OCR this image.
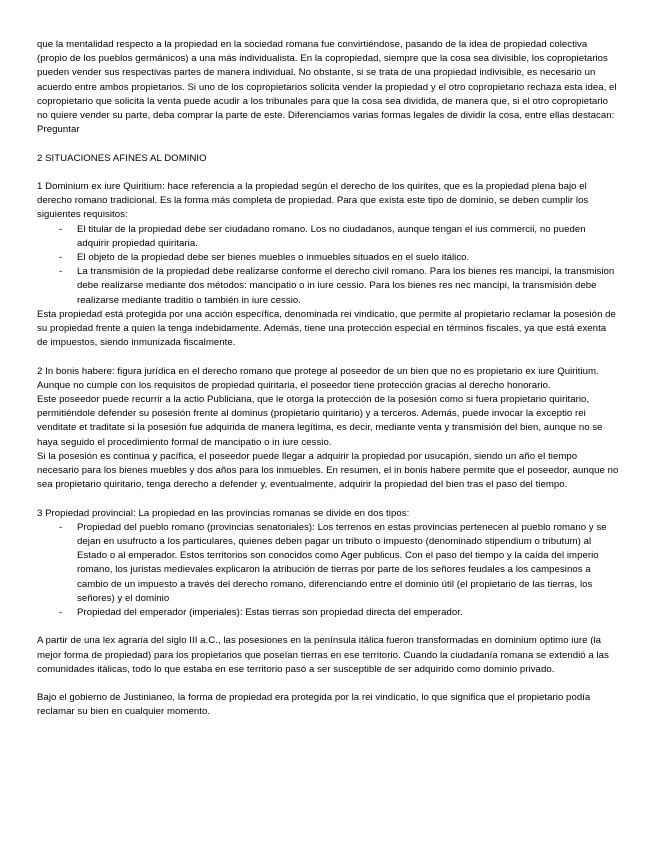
que la mentalidad respecto a la propiedad en la sociedad romana fue convirtiéndose, pasando de la idea de propiedad colectiva (propio de los pueblos germánicos) a una más individualista. En la copropiedad, siempre que la cosa sea divisible, los copropietarios pueden vender sus respectivas partes de manera individual. No obstante, si se trata de una propiedad indivisible, es necesario un acuerdo entre ambos propietarios. Si uno de los copropietarios solicita vender la propiedad y el otro copropietario rechaza esta idea, el copropietario que solicita la venta puede acudir a los tribunales para que la cosa sea dividida, de manera que, si el otro copropietario no quiere vender su parte, deba comprar la parte de este. Diferenciamos varias formas legales de dividir la cosa, entre ellas destacan:

Preguntar

2 SITUACIONES AFINES AL DOMINIO

1 Dominium ex iure Quiritium: hace referencia a la propiedad según el derecho de los quirites, que es la propiedad plena bajo el derecho romano tradicional. Es la forma más completa de propiedad. Para que exista este tipo de dominio, se deben cumplir los siguientes requisitos:

- El titular de la propiedad debe ser ciudadano romano. Los no ciudadanos, aunque tengan el ius commercii, no pueden adquirir propiedad quiritaria.
- El objeto de la propiedad debe ser bienes muebles o inmuebles situados en el suelo itálico.
- La transmisión de la propiedad debe realizarse conforme el derecho civil romano. Para los bienes res mancipi, la transmision debe realizarse mediante dos métodos: mancipatio o in iure cessio. Para los bienes res nec mancipi, la transmisión debe realizarse mediante traditio o también in iure cessio.

Esta propiedad está protegida por una acción específica, denominada rei vindicatio, que permite al propietario reclamar la posesión de su propiedad frente a quien la tenga indebidamente. Además, tiene una protección especial en términos fiscales, ya que está exenta de impuestos, siendo inmunizada fiscalmente.

2 In bonis habere: figura jurídica en el derecho romano que protege al poseedor de un bien que no es propietario ex iure Quiritium. Aunque no cumple con los requisitos de propiedad quiritaria, el poseedor tiene protección gracias al derecho honorario.

Este poseedor puede recurrir a la actio Publiciana, que le otorga la protección de la posesión como si fuera propietario quiritario, permitiéndole defender su posesión frente al dominus (propietario quiritario) y a terceros. Además, puede invocar la exceptio rei venditate et traditate si la posesión fue adquirida de manera legítima, es decir, mediante venta y transmisión del bien, aunque no se haya seguido el procedimiento formal de mancipatio o in iure cessio.

Si la posesión es continua y pacífica, el poseedor puede llegar a adquirir la propiedad por usucapión, siendo un año el tiempo necesario para los bienes muebles y dos años para los inmuebles. En resumen, el in bonis habere permite que el poseedor, aunque no sea propietario quiritario, tenga derecho a defender y, eventualmente, adquirir la propiedad del bien tras el paso del tiempo.

3 Propiedad provincial: La propiedad en las provincias romanas se divide en dos tipos:

- Propiedad del pueblo romano (provincias senatoriales): Los terrenos en estas provincias pertenecen al pueblo romano y se dejan en usufructo a los particulares, quienes deben pagar un tributo o impuesto (denominado stipendium o tributum) al Estado o al emperador. Estos territorios son conocidos como Ager publicus. Con el paso del tiempo y la caída del imperio romano, los juristas medievales explicaron la atribución de tierras por parte de los señores feudales a los campesinos a cambio de un impuesto a través del derecho romano, diferenciando entre el dominio útil (el propietario de las tierras, los señores) y el dominio
- Propiedad del emperador (imperiales): Estas tierras son propiedad directa del emperador.

A partir de una lex agraria del siglo III a.C., las posesiones en la península itálica fueron transformadas en dominium optimo iure (la mejor forma de propiedad) para los propietarios que poseían tierras en ese territorio. Cuando la ciudadanía romana se extendió a las comunidades itálicas, todo lo que estaba en ese territorio pasó a ser susceptible de ser adquirido como dominio privado.

Bajo el gobierno de Justinianeo, la forma de propiedad era protegida por la rei vindicatio, lo que significa que el propietario podía reclamar su bien en cualquier momento.
